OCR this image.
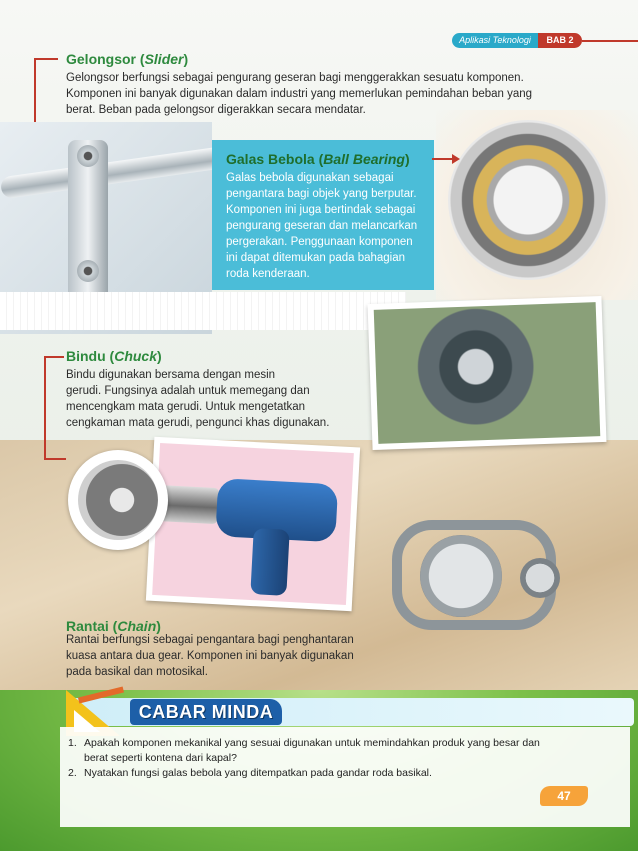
Aplikasi Teknologi	BAB 2
Gelongsor (Slider)
Gelongsor berfungsi sebagai pengurang geseran bagi menggerakkan sesuatu komponen.
Komponen ini banyak digunakan dalam industri yang memerlukan pemindahan beban yang
berat. Beban pada gelongsor digerakkan secara mendatar.
Galas Bebola (Ball Bearing)
Galas bebola digunakan sebagai
pengantara bagi objek yang berputar.
Komponen ini juga bertindak sebagai
pengurang geseran dan melancarkan
pergerakan. Penggunaan komponen
ini dapat ditemukan pada bahagian
roda kenderaan.
Bindu (Chuck)
Bindu digunakan bersama dengan mesin
gerudi. Fungsinya adalah untuk memegang dan
mencengkam mata gerudi. Untuk mengetatkan
cengkaman mata gerudi, pengunci khas digunakan.
Rantai (Chain)
Rantai berfungsi sebagai pengantara bagi penghantaran
kuasa antara dua gear. Komponen ini banyak digunakan
pada basikal dan motosikal.
CABAR MINDA
1. Apakah komponen mekanikal yang sesuai digunakan untuk memindahkan produk yang besar dan
berat seperti kontena dari kapal?
2. Nyatakan fungsi galas bebola yang ditempatkan pada gandar roda basikal.
47
